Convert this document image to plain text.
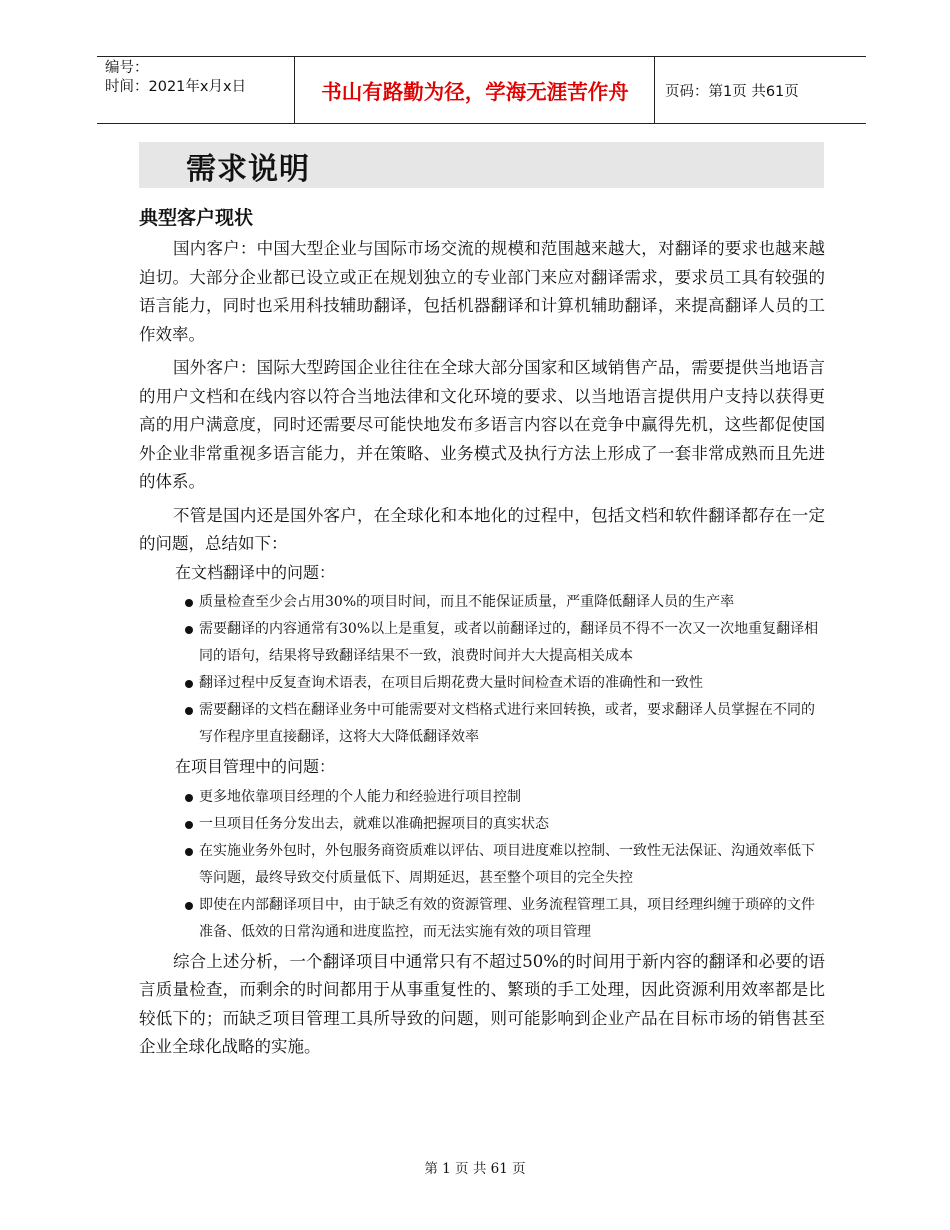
编号：
时间：2021年x月x日	书山有路勤为径，学海无涯苦作舟	页码：第1页 共61页
需求说明
典型客户现状

国内客户：中国大型企业与国际市场交流的规模和范围越来越大，对翻译的要求也越来越迫切。大部分企业都已设立或正在规划独立的专业部门来应对翻译需求，要求员工具有较强的语言能力，同时也采用科技辅助翻译，包括机器翻译和计算机辅助翻译，来提高翻译人员的工作效率。

国外客户：国际大型跨国企业往往在全球大部分国家和区域销售产品，需要提供当地语言的用户文档和在线内容以符合当地法律和文化环境的要求、以当地语言提供用户支持以获得更高的用户满意度，同时还需要尽可能快地发布多语言内容以在竞争中赢得先机，这些都促使国外企业非常重视多语言能力，并在策略、业务模式及执行方法上形成了一套非常成熟而且先进的体系。

不管是国内还是国外客户，在全球化和本地化的过程中，包括文档和软件翻译都存在一定的问题，总结如下：

在文档翻译中的问题：

质量检查至少会占用30%的项目时间，而且不能保证质量，严重降低翻译人员的生产率
需要翻译的内容通常有30%以上是重复，或者以前翻译过的，翻译员不得不一次又一次地重复翻译相同的语句，结果将导致翻译结果不一致，浪费时间并大大提高相关成本
翻译过程中反复查询术语表，在项目后期花费大量时间检查术语的准确性和一致性
需要翻译的文档在翻译业务中可能需要对文档格式进行来回转换，或者，要求翻译人员掌握在不同的写作程序里直接翻译，这将大大降低翻译效率

在项目管理中的问题：

更多地依靠项目经理的个人能力和经验进行项目控制
一旦项目任务分发出去，就难以准确把握项目的真实状态
在实施业务外包时，外包服务商资质难以评估、项目进度难以控制、一致性无法保证、沟通效率低下等问题，最终导致交付质量低下、周期延迟，甚至整个项目的完全失控
即使在内部翻译项目中，由于缺乏有效的资源管理、业务流程管理工具，项目经理纠缠于琐碎的文件准备、低效的日常沟通和进度监控，而无法实施有效的项目管理

综合上述分析，一个翻译项目中通常只有不超过50%的时间用于新内容的翻译和必要的语言质量检查，而剩余的时间都用于从事重复性的、繁琐的手工处理，因此资源利用效率都是比较低下的；而缺乏项目管理工具所导致的问题，则可能影响到企业产品在目标市场的销售甚至企业全球化战略的实施。

第 1 页 共 61 页
